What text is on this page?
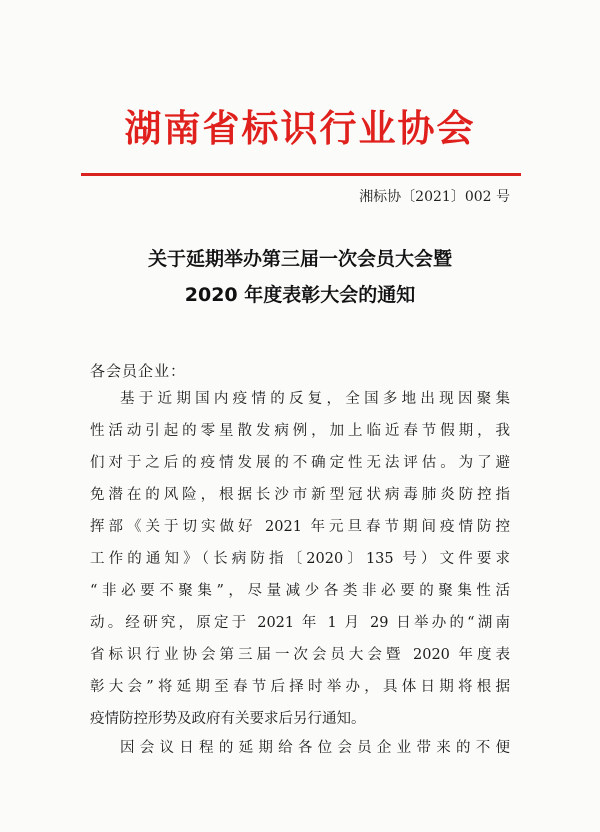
湖南省标识行业协会
湘标协〔2021〕002 号
关于延期举办第三届一次会员大会暨
2020 年度表彰大会的通知
各会员企业：
基于近期国内疫情的反复，全国多地出现因聚集
性活动引起的零星散发病例，加上临近春节假期，我
们对于之后的疫情发展的不确定性无法评估。为了避
免潜在的风险，根据长沙市新型冠状病毒肺炎防控指
挥部《关于切实做好 2021 年元旦春节期间疫情防控
工作的通知》（长病防指〔2020〕135 号）文件要求
“非必要不聚集”，尽量减少各类非必要的聚集性活
动。经研究，原定于 2021 年 1 月 29 日举办的“湖南
省标识行业协会第三届一次会员大会暨 2020 年度表
彰大会”将延期至春节后择时举办，具体日期将根据
疫情防控形势及政府有关要求后另行通知。
因会议日程的延期给各位会员企业带来的不便
